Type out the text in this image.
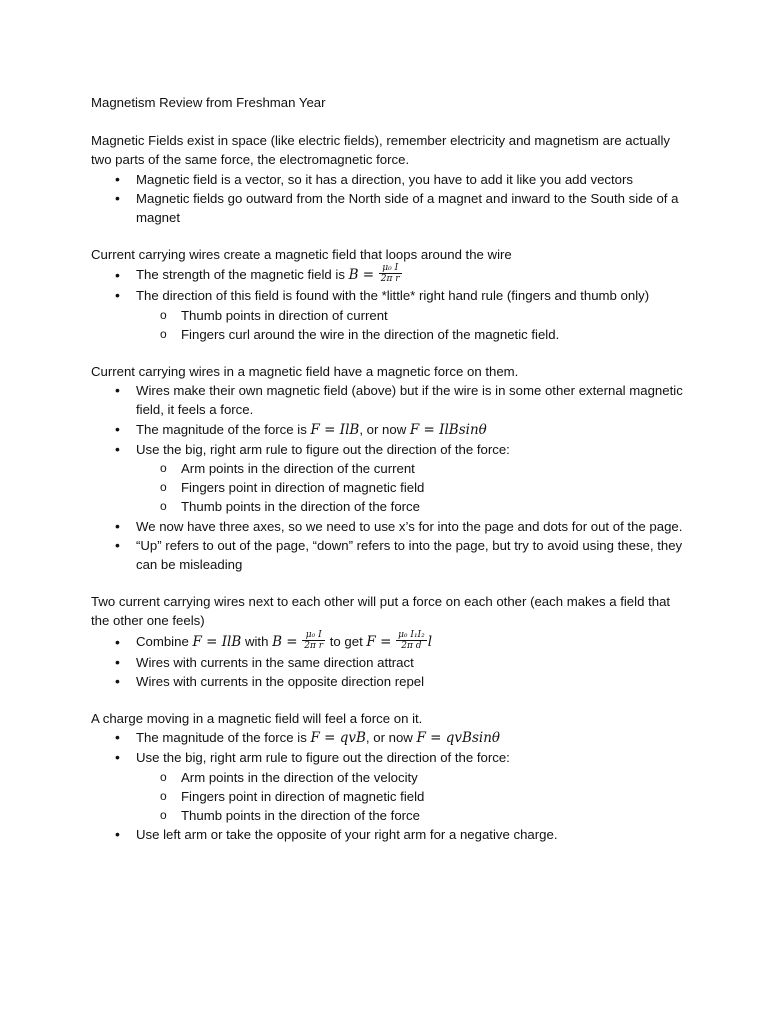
Magnetism Review from Freshman Year

Magnetic Fields exist in space (like electric fields), remember electricity and magnetism are actually two parts of the same force, the electromagnetic force.

• Magnetic field is a vector, so it has a direction, you have to add it like you add vectors
• Magnetic fields go outward from the North side of a magnet and inward to the South side of a magnet

Current carrying wires create a magnetic field that loops around the wire

• The strength of the magnetic field is $B = \frac{\text{μ₀ I}}{\text{2π r}}$
• The direction of this field is found with the *little* right hand rule (fingers and thumb only)
o Thumb points in direction of current
o Fingers curl around the wire in the direction of the magnetic field.

Current carrying wires in a magnetic field have a magnetic force on them.

• Wires make their own magnetic field (above) but if the wire is in some other external magnetic field, it feels a force.
• The magnitude of the force is F = IlB, or now F = IlBsinθ
• Use the big, right arm rule to figure out the direction of the force:
o Arm points in the direction of the current
o Fingers point in direction of magnetic field
o Thumb points in the direction of the force
• We now have three axes, so we need to use x’s for into the page and dots for out of the page.
• “Up” refers to out of the page, “down” refers to into the page, but try to avoid using these, they can be misleading

Two current carrying wires next to each other will put a force on each other (each makes a field that the other one feels)

• Combine F = IlB with $B = \frac{\text{μ₀ I}}{\text{2π r}}$ to get $F = \frac{\text{μ₀ I₁I₂}}{\text{2π d}}$ l
• Wires with currents in the same direction attract
• Wires with currents in the opposite direction repel

A charge moving in a magnetic field will feel a force on it.

• The magnitude of the force is F = qvB, or now F = qvBsinθ
• Use the big, right arm rule to figure out the direction of the force:
o Arm points in the direction of the velocity
o Fingers point in direction of magnetic field
o Thumb points in the direction of the force
• Use left arm or take the opposite of your right arm for a negative charge.
